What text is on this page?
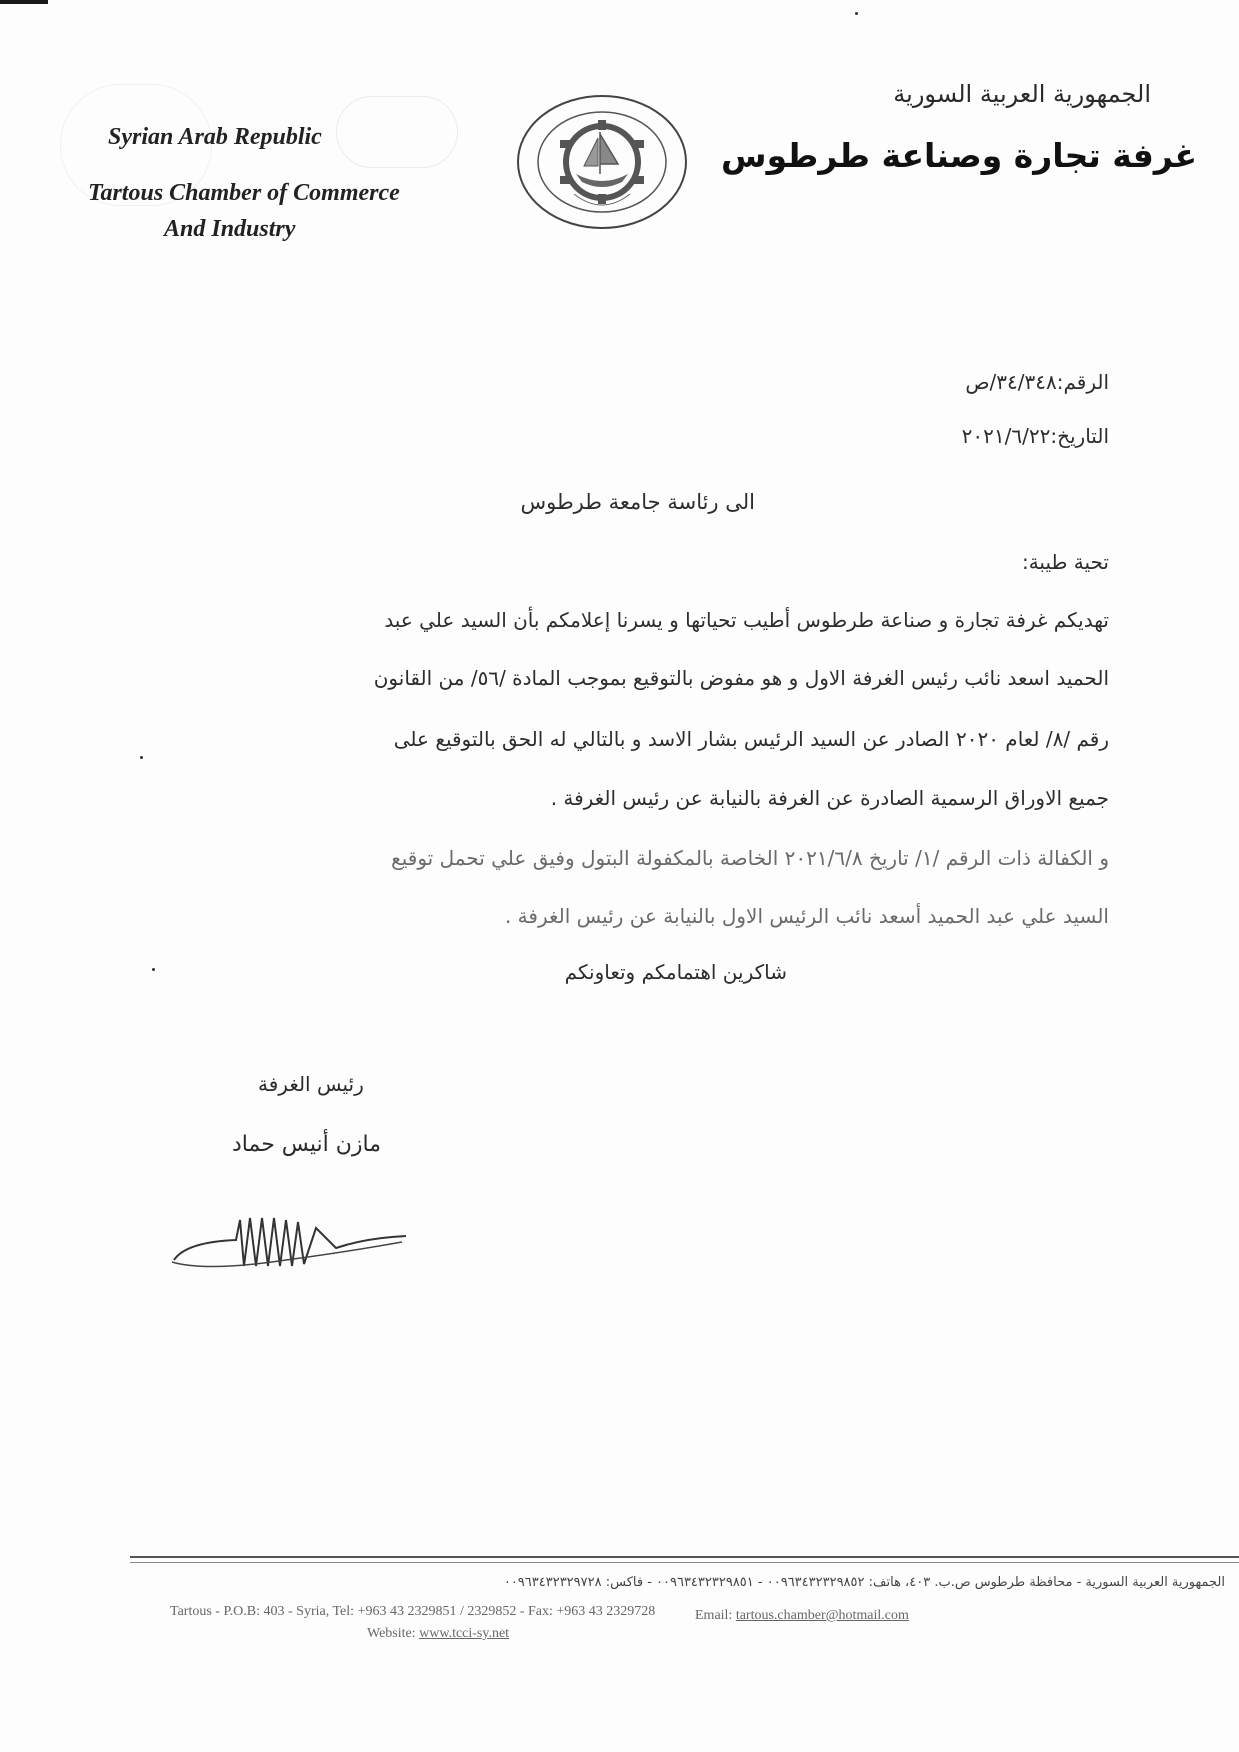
الجمهورية العربية السورية
غرفة تجارة وصناعة طرطوس
Syrian Arab Republic
Tartous Chamber of Commerce
And Industry
الرقم:٣٤/٣٤٨/ص
التاريخ:٢٠٢١/٦/٢٢
الى رئاسة جامعة طرطوس
تحية طيبة:
تهديكم غرفة تجارة و صناعة طرطوس أطيب تحياتها و يسرنا إعلامكم بأن السيد علي عبد
الحميد اسعد نائب رئيس الغرفة الاول و هو مفوض بالتوقيع بموجب المادة /٥٦/ من القانون
رقم /٨/ لعام ٢٠٢٠ الصادر عن السيد الرئيس بشار الاسد و بالتالي له الحق بالتوقيع على
جميع الاوراق الرسمية الصادرة عن الغرفة بالنيابة عن رئيس الغرفة .
و الكفالة ذات الرقم /١/ تاريخ ٢٠٢١/٦/٨ الخاصة بالمكفولة البتول وفيق علي تحمل توقيع
السيد علي عبد الحميد أسعد نائب الرئيس الاول بالنيابة عن رئيس الغرفة .
شاكرين اهتمامكم وتعاونكم
رئيس الغرفة
مازن أنيس حماد
الجمهورية العربية السورية - محافظة طرطوس ص.ب. ٤٠٣، هاتف: ٠٠٩٦٣٤٣٢٣٢٩٨٥٢ - ٠٠٩٦٣٤٣٢٣٢٩٨٥١ - فاكس: ٠٠٩٦٣٤٣٢٣٢٩٧٢٨
Tartous - P.O.B: 403 - Syria, Tel: +963 43 2329851 / 2329852 - Fax: +963 43 2329728
Website: www.tcci-sy.net
Email: tartous.chamber@hotmail.com
